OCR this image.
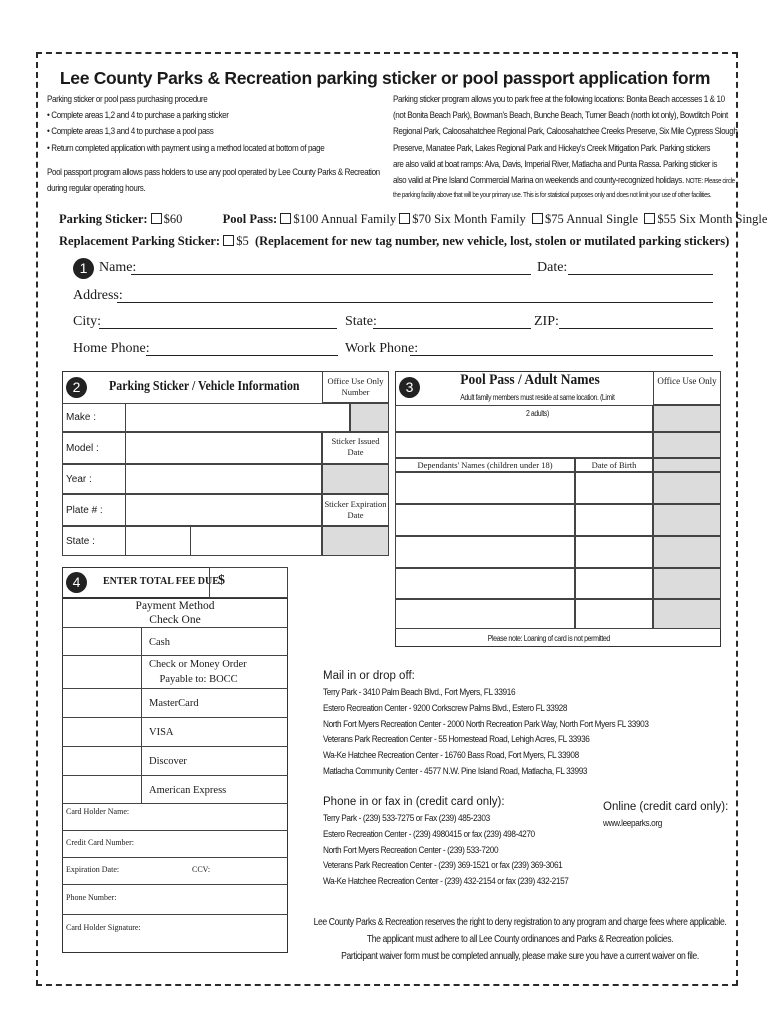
Lee County Parks & Recreation parking sticker or pool passport application form
Parking sticker or pool pass purchasing procedure
• Complete areas 1,2 and 4 to purchase a parking sticker
• Complete areas 1,3 and 4 to purchase a pool pass
• Return completed application with payment using a method located at bottom of page
Pool passport program allows pass holders to use any pool operated by Lee County Parks & Recreation
during regular operating hours.
Parking sticker program allows you to park free at the following locations: Bonita Beach accesses 1 & 10
(not Bonita Beach Park), Bowman's Beach, Bunche Beach, Turner Beach (north lot only), Bowditch Point
Regional Park, Caloosahatchee Regional Park, Caloosahatchee Creeks Preserve, Six Mile Cypress Slough
Preserve, Manatee Park, Lakes Regional Park and Hickey's Creek Mitigation Park. Parking stickers
are also valid at boat ramps: Alva, Davis, Imperial River, Matlacha and Punta Rassa. Parking sticker is
also valid at Pine Island Commercial Marina on weekends and county-recognized holidays. NOTE: Please circle
the parking facility above that will be your primary use. This is for statistical purposes only and does not limit your use of other facilities.
Parking Sticker: $60	Pool Pass: $100 Annual Family $70 Six Month Family $75 Annual Single $55 Six Month Single
Replacement Parking Sticker: $5 (Replacement for new tag number, new vehicle, lost, stolen or mutilated parking stickers)
1 Name:	Date:
Address:
City:	State:	ZIP:
Home Phone:	Work Phone:
2	Parking Sticker / Vehicle Information	Office Use Only Number
Make :
Model :
Sticker Issued Date
Year :
Plate # :
Sticker Expiration Date
State :
3	Pool Pass / Adult Names
Adult family members must reside at same location. (Limit 2 adults)
Office Use Only
Dependants' Names (children under 18)	Date of Birth
Please note: Loaning of card is not permitted
4	ENTER TOTAL FEE DUE $
Payment Method
Check One
Cash
Check or Money Order
Payable to: BOCC
MasterCard
VISA
Discover
American Express
Card Holder Name:
Credit Card Number:
Expiration Date:	CCV:
Phone Number:
Card Holder Signature:
Mail in or drop off:
Terry Park - 3410 Palm Beach Blvd., Fort Myers, FL 33916
Estero Recreation Center - 9200 Corkscrew Palms Blvd., Estero FL 33928
North Fort Myers Recreation Center - 2000 North Recreation Park Way, North Fort Myers FL 33903
Veterans Park Recreation Center - 55 Homestead Road, Lehigh Acres, FL 33936
Wa-Ke Hatchee Recreation Center - 16760 Bass Road, Fort Myers, FL 33908
Matlacha Community Center - 4577 N.W. Pine Island Road, Matlacha, FL 33993
Phone in or fax in (credit card only):
Terry Park - (239) 533-7275 or Fax (239) 485-2303
Estero Recreation Center - (239) 4980415 or fax (239) 498-4270
North Fort Myers Recreation Center - (239) 533-7200
Veterans Park Recreation Center - (239) 369-1521 or fax (239) 369-3061
Wa-Ke Hatchee Recreation Center - (239) 432-2154 or fax (239) 432-2157
Online (credit card only):
www.leeparks.org
Lee County Parks & Recreation reserves the right to deny registration to any program and charge fees where applicable.
The applicant must adhere to all Lee County ordinances and Parks & Recreation policies.
Participant waiver form must be completed annually, please make sure you have a current waiver on file.
